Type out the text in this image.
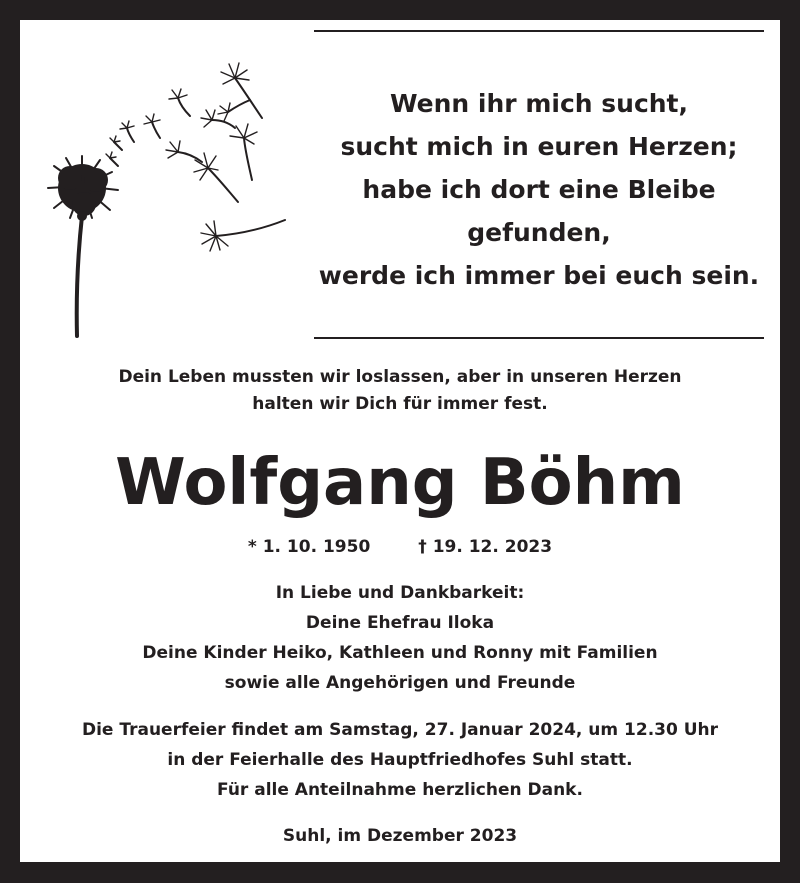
Wenn ihr mich sucht,
sucht mich in euren Herzen;
habe ich dort eine Bleibe
gefunden,
werde ich immer bei euch sein.
Dein Leben mussten wir loslassen, aber in unseren Herzen
halten wir Dich für immer fest.
Wolfgang Böhm
* 1. 10. 1950	† 19. 12. 2023
In Liebe und Dankbarkeit:
Deine Ehefrau Iloka
Deine Kinder Heiko, Kathleen und Ronny mit Familien
sowie alle Angehörigen und Freunde
Die Trauerfeier findet am Samstag, 27. Januar 2024, um 12.30 Uhr
in der Feierhalle des Hauptfriedhofes Suhl statt.
Für alle Anteilnahme herzlichen Dank.
Suhl, im Dezember 2023
